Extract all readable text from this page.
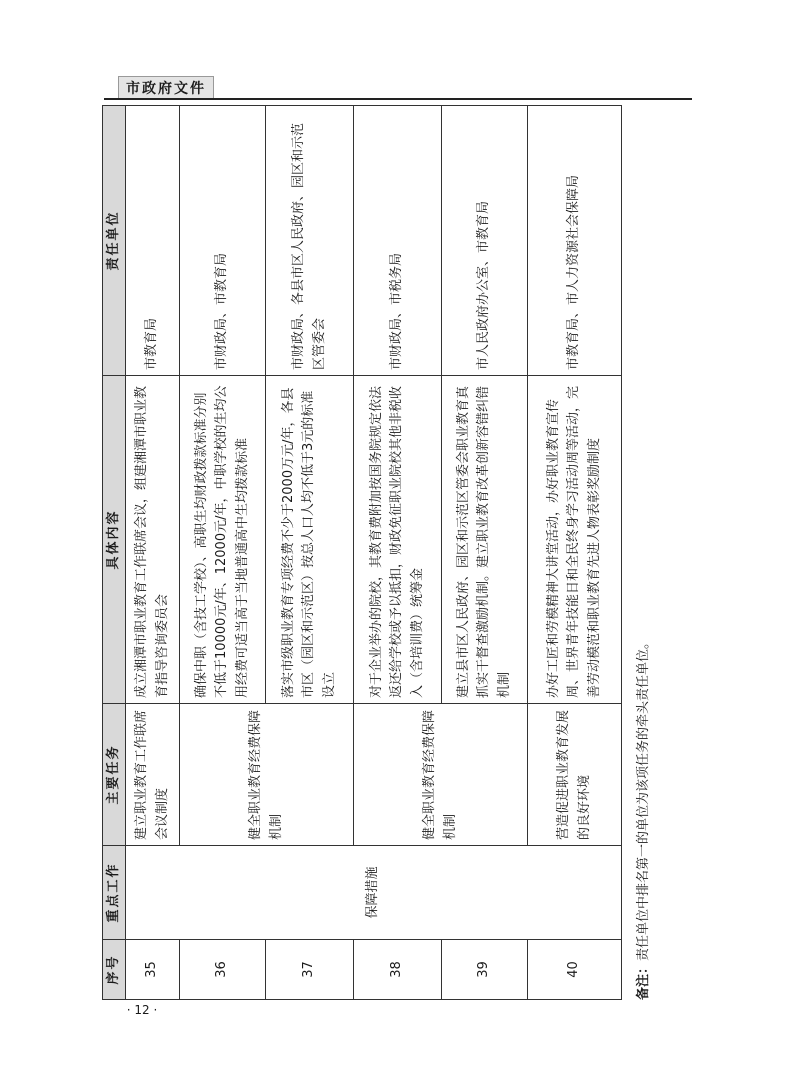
市政府文件
序号	重点工作	主要任务	具体内容	责任单位
35	保障措施	建立职业教育工作联席会议制度	成立湘潭市职业教育工作联席会议，组建湘潭市职业教育指导咨询委员会	市教育局
36		健全职业教育经费保障机制	确保中职（含技工学校）、高职生均财政拨款标准分别不低于10000元/年、12000元/年，中职学校的生均公用经费可适当高于当地普通高中生均拨款标准	市财政局、市教育局
37			落实市级职业教育专项经费不少于2000万元/年，各县市区（园区和示范区）按总人口人均不低于3元的标准设立	市财政局、各县市区人民政府、园区和示范区管委会
38		健全职业教育经费保障机制	对于企业举办的院校，其教育费附加按国务院规定依法返还给学校或予以抵扣，财政免征职业院校其他非税收入（含培训费）统筹金	市财政局、市税务局
39			建立县市区人民政府、园区和示范区管委会职业教育真抓实干督查激励机制。建立职业教育改革创新容错纠错机制	市人民政府办公室、市教育局
40		营造促进职业教育发展的良好环境	办好工匠和劳模精神大讲堂活动，办好职业教育宣传周、世界青年技能日和全民终身学习活动周等活动，完善劳动模范和职业教育先进人物表彰奖励制度	市教育局、市人力资源社会保障局
备注：责任单位中排名第一的单位为该项任务的牵头责任单位。
· 12 ·
